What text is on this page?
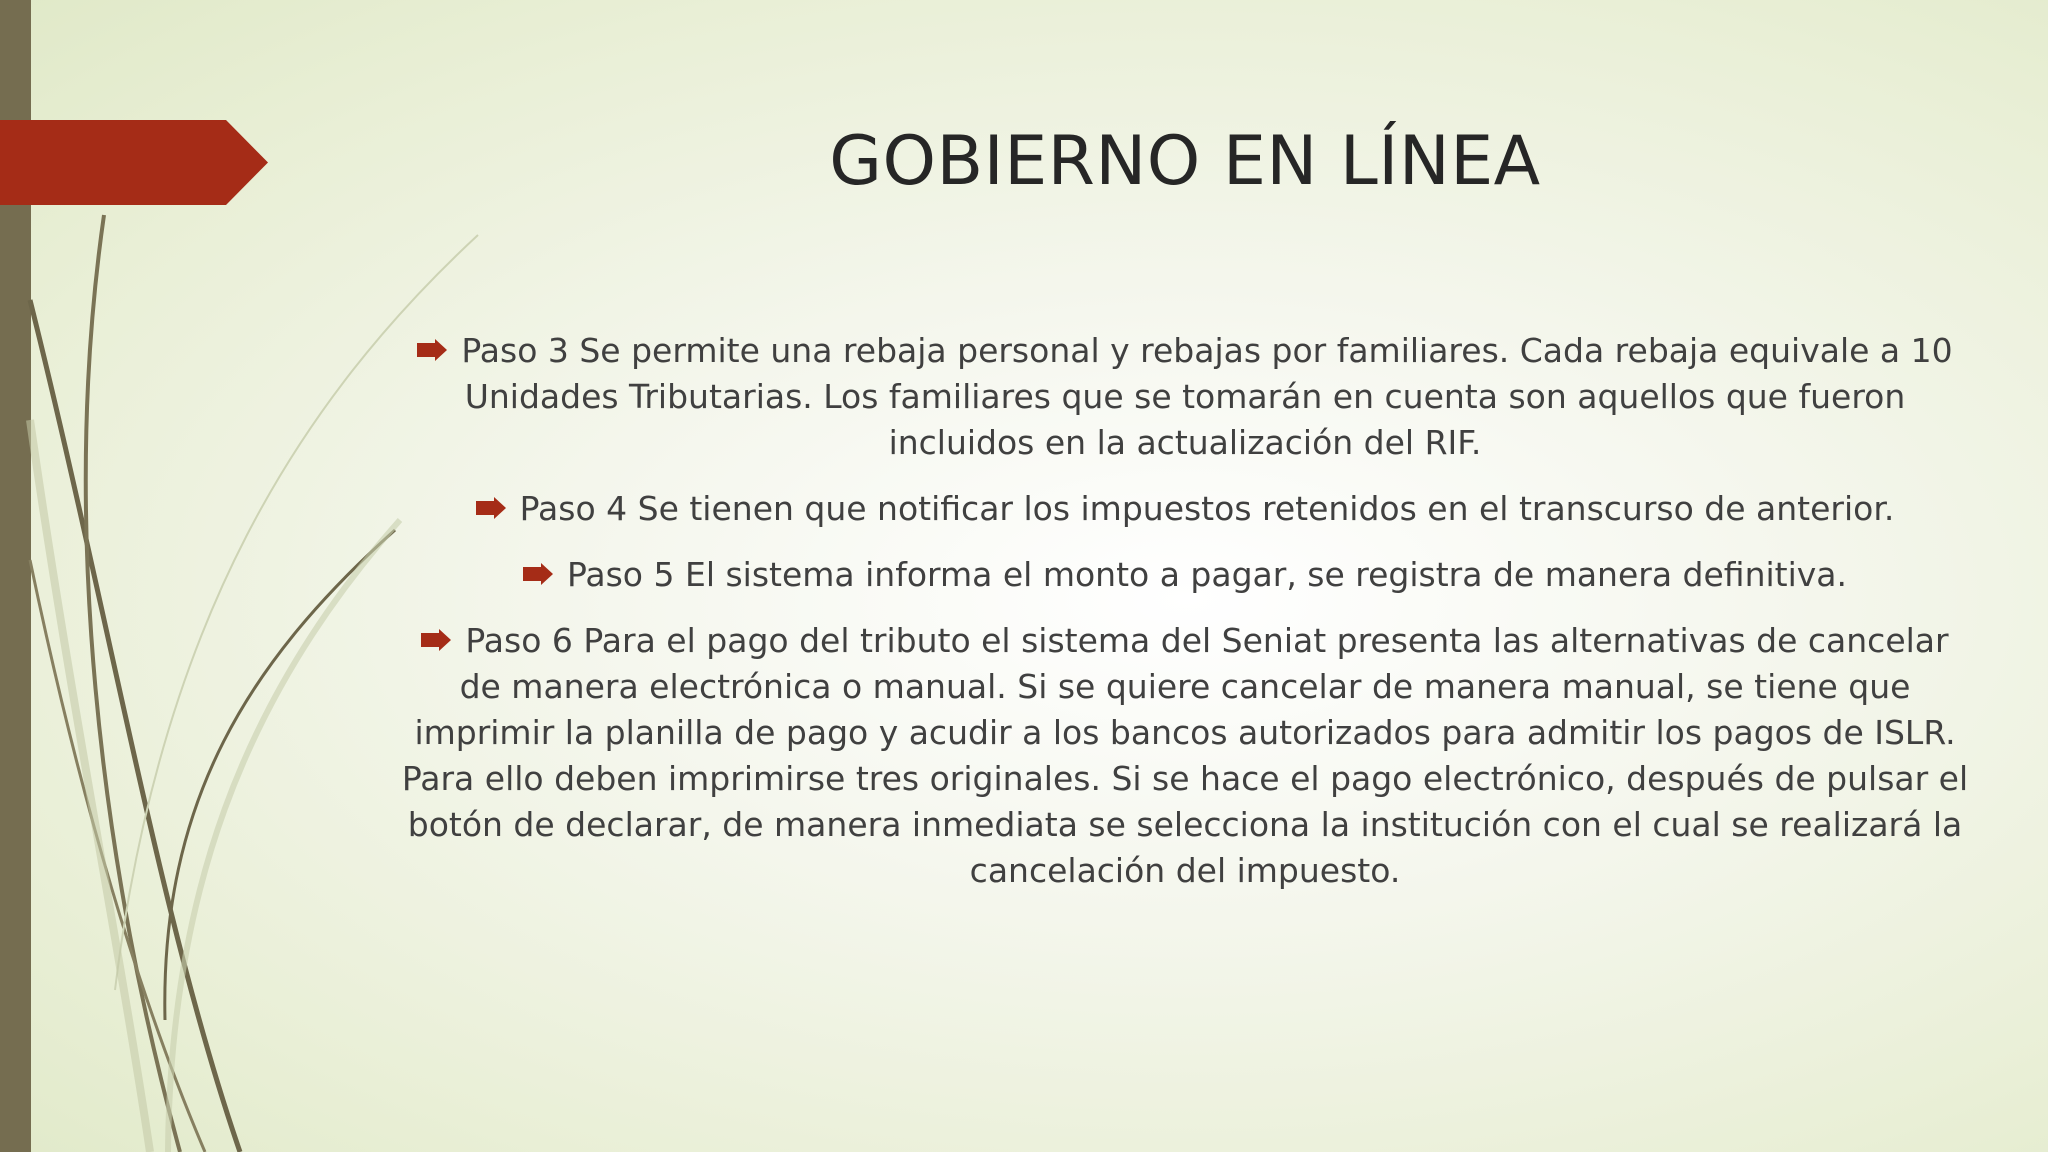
GOBIERNO EN LÍNEA
Paso 3 Se permite una rebaja personal y rebajas por familiares. Cada rebaja equivale a 10 Unidades Tributarias. Los familiares que se tomarán en cuenta son aquellos que fueron incluidos en la actualización del RIF.
Paso 4 Se tienen que notificar los impuestos retenidos en el transcurso de anterior.
Paso 5 El sistema informa el monto a pagar, se registra de manera definitiva.
Paso 6 Para el pago del tributo el sistema del Seniat presenta las alternativas de cancelar de manera electrónica o manual. Si se quiere cancelar de manera manual, se tiene que imprimir la planilla de pago y acudir a los bancos autorizados para admitir los pagos de ISLR. Para ello deben imprimirse tres originales. Si se hace el pago electrónico, después de pulsar el botón de declarar, de manera inmediata se selecciona la institución con el cual se realizará la cancelación del impuesto.
